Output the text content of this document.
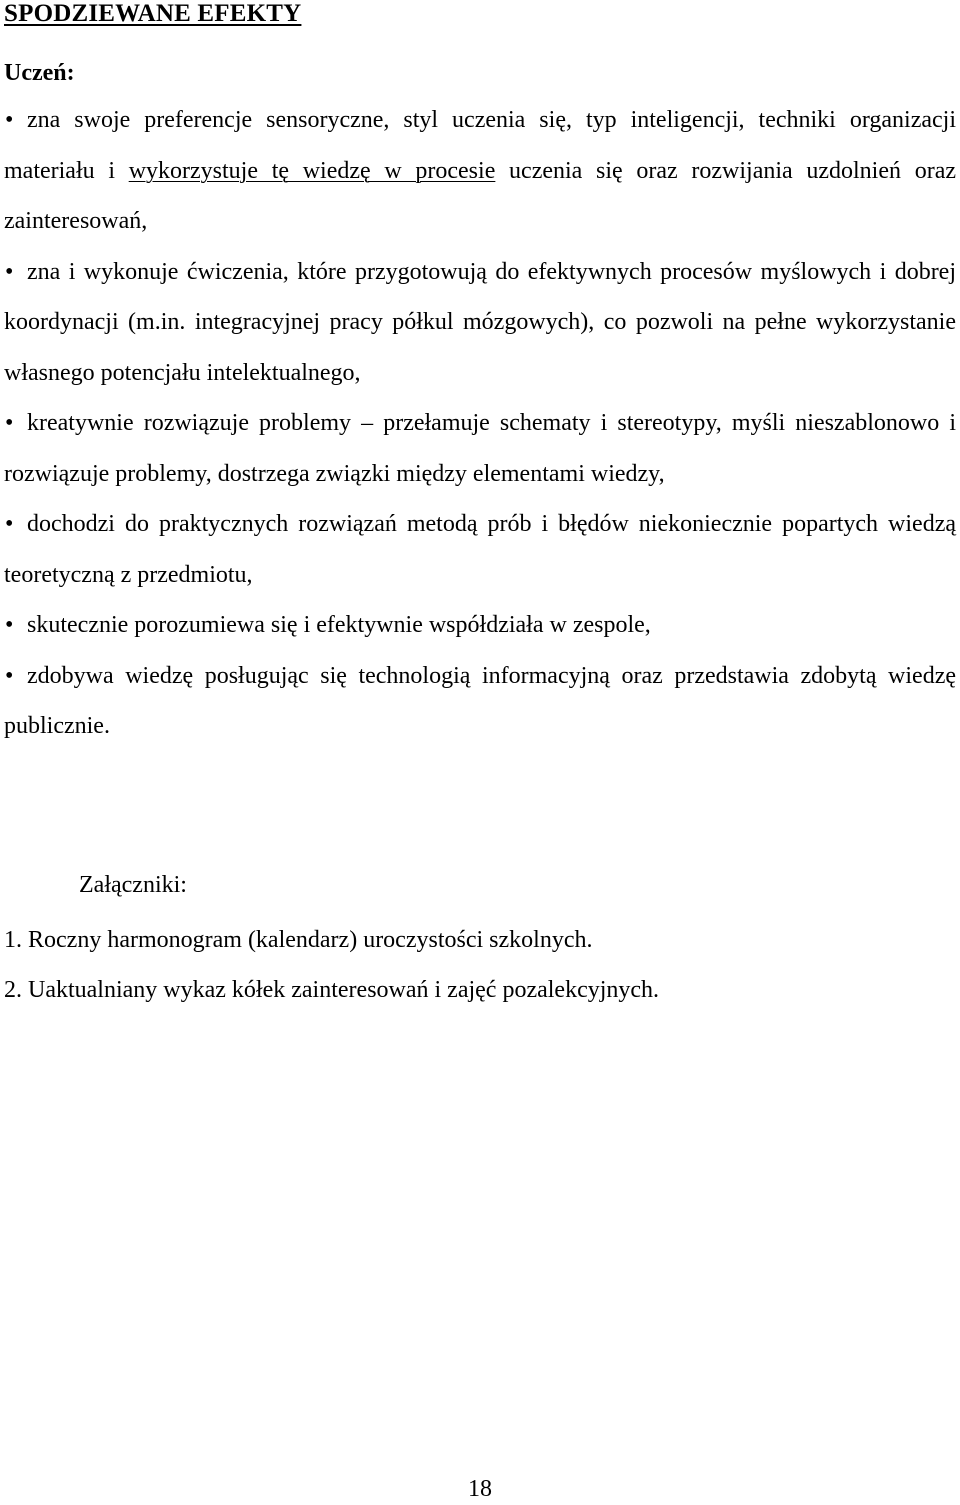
SPODZIEWANE EFEKTY
Uczeń:
• zna swoje preferencje sensoryczne, styl uczenia się, typ inteligencji, techniki organizacji materiału i wykorzystuje tę wiedzę w procesie uczenia się oraz rozwijania uzdolnień oraz zainteresowań,
• zna i wykonuje ćwiczenia, które przygotowują do efektywnych procesów myślowych i dobrej koordynacji (m.in. integracyjnej pracy półkul mózgowych), co pozwoli na pełne wykorzystanie własnego potencjału intelektualnego,
• kreatywnie rozwiązuje problemy – przełamuje schematy i stereotypy, myśli nieszablonowo i rozwiązuje problemy, dostrzega związki między elementami wiedzy,
• dochodzi do praktycznych rozwiązań metodą prób i błędów niekoniecznie popartych wiedzą teoretyczną z przedmiotu,
• skutecznie porozumiewa się i efektywnie współdziała w zespole,
• zdobywa wiedzę posługując się technologią informacyjną oraz przedstawia zdobytą wiedzę publicznie.
Załączniki:
1. Roczny harmonogram (kalendarz) uroczystości szkolnych.
2. Uaktualniany wykaz kółek zainteresowań i zajęć pozalekcyjnych.
18
